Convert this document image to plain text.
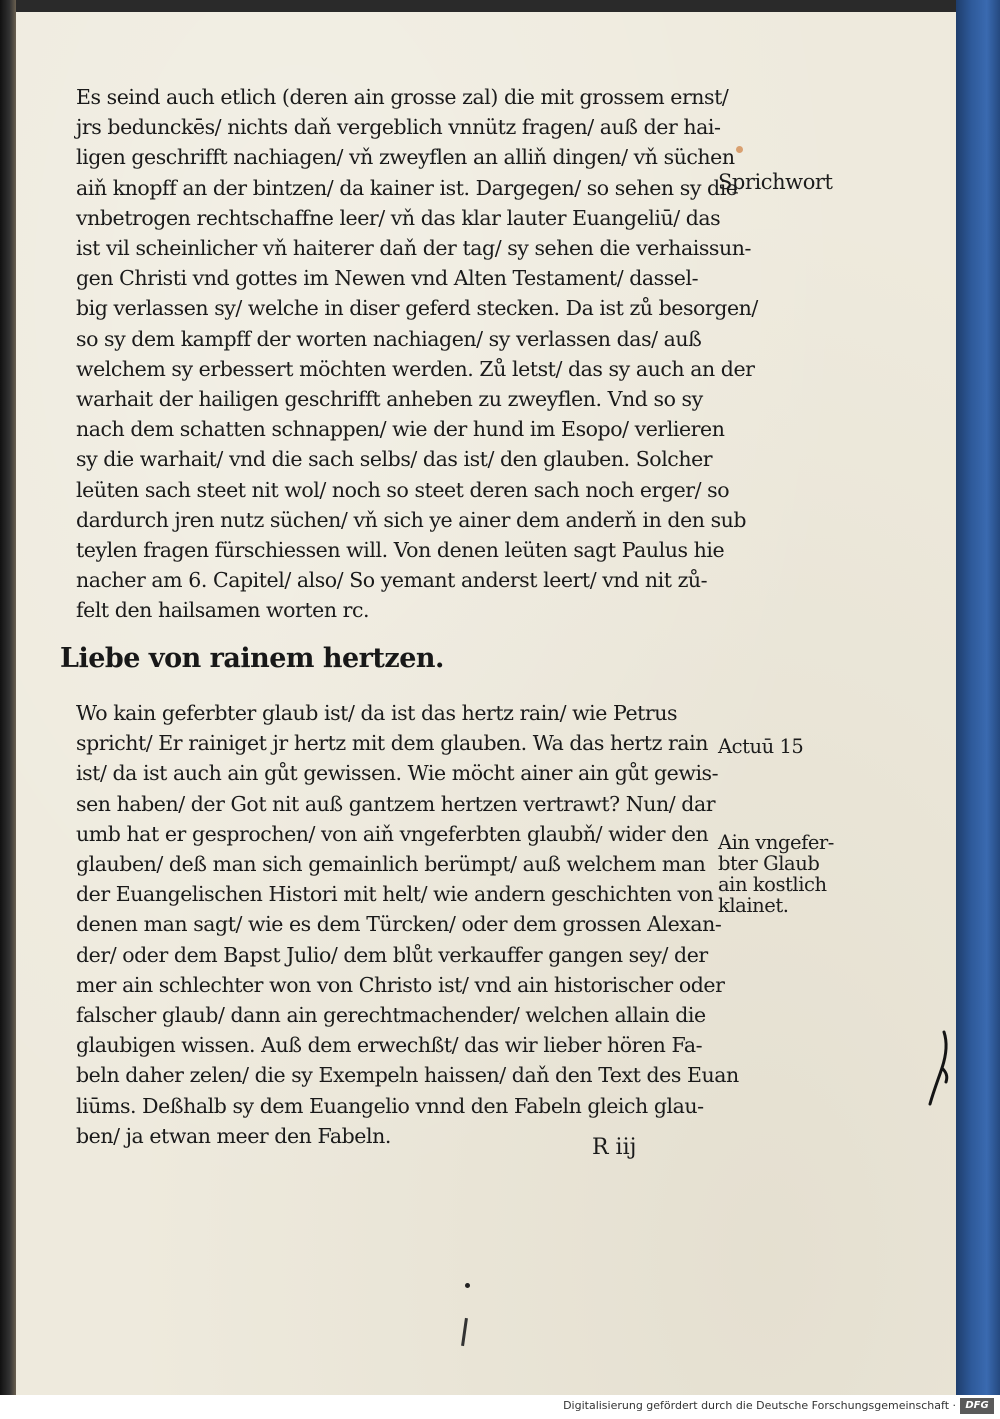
Es seind auch etlich (deren ain grosse zal) die mit grossem ernst/
jrs bedunckēs/ nichts daň vergeblich vnnütz fragen/ auß der hai-
ligen geschrifft nachiagen/ vň zweyflen an alliň dingen/ vň süchen
aiň knopff an der bintzen/ da kainer ist. Dargegen/ so sehen sy die
vnbetrogen rechtschaffne leer/ vň das klar lauter Euangeliū/ das
ist vil scheinlicher vň haiterer daň der tag/ sy sehen die verhaissun-
gen Christi vnd gottes im Newen vnd Alten Testament/ dassel-
big verlassen sy/ welche in diser geferd stecken. Da ist zů besorgen/
so sy dem kampff der worten nachiagen/ sy verlassen das/ auß
welchem sy erbessert möchten werden. Zů letst/ das sy auch an der
warhait der hailigen geschrifft anheben zu zweyflen. Vnd so sy
nach dem schatten schnappen/ wie der hund im Esopo/ verlieren
sy die warhait/ vnd die sach selbs/ das ist/ den glauben. Solcher
leüten sach steet nit wol/ noch so steet deren sach noch erger/ so
dardurch jren nutz süchen/ vň sich ye ainer dem anderň in den sub
teylen fragen fürschiessen will. Von denen leüten sagt Paulus hie
nacher am 6. Capitel/ also/ So yemant anderst leert/ vnd nit zů-
felt den hailsamen worten rc.
Liebe von rainem hertzen.
Wo kain geferbter glaub ist/ da ist das hertz rain/ wie Petrus
spricht/ Er rainiget jr hertz mit dem glauben. Wa das hertz rain
ist/ da ist auch ain gůt gewissen. Wie möcht ainer ain gůt gewis-
sen haben/ der Got nit auß gantzem hertzen vertrawt? Nun/ dar
umb hat er gesprochen/ von aiň vngeferbten glaubň/ wider den
glauben/ deß man sich gemainlich berümpt/ auß welchem man
der Euangelischen Histori mit helt/ wie andern geschichten von
denen man sagt/ wie es dem Türcken/ oder dem grossen Alexan-
der/ oder dem Bapst Julio/ dem blůt verkauffer gangen sey/ der
mer ain schlechter won von Christo ist/ vnd ain historischer oder
falscher glaub/ dann ain gerechtmachender/ welchen allain die
glaubigen wissen. Auß dem erwechßt/ das wir lieber hören Fa-
beln daher zelen/ die sy Exempeln haissen/ daň den Text des Euan
liūms. Deßhalb sy dem Euangelio vnnd den Fabeln gleich glau-
ben/ ja etwan meer den Fabeln.
Sprichwort
Actuū 15
Ain vngefer-
bter Glaub
ain kostlich
klainet.
R iij
Digitalisierung gefördert durch die Deutsche Forschungsgemeinschaft · DFG
